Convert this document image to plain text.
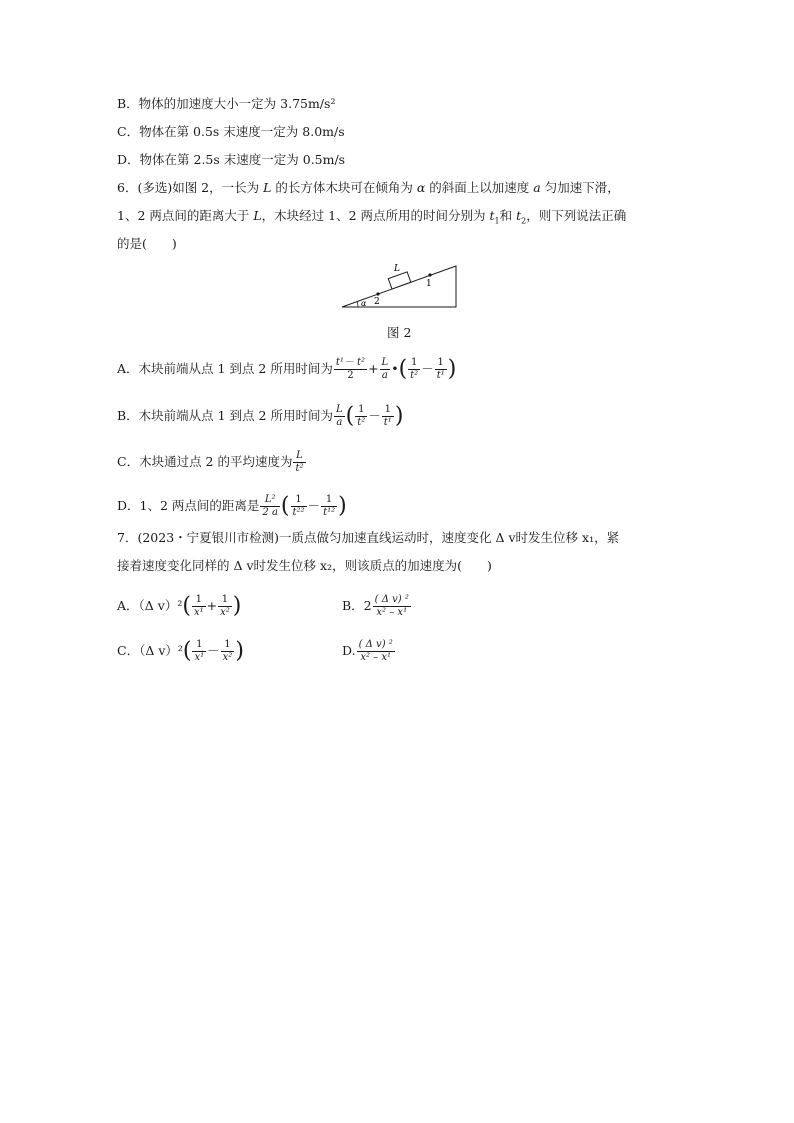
B．物体的加速度大小一定为 3.75m/s²
C．物体在第 0.5s 末速度一定为 8.0m/s
D．物体在第 2.5s 末速度一定为 0.5m/s
6．(多选)如图 2，一长为 L 的长方体木块可在倾角为 α 的斜面上以加速度 a 匀加速下滑，
1、2 两点间的距离大于 L，木块经过 1、2 两点所用的时间分别为 $t_1$和 $t_2$，则下列说法正确
的是(　　)
L
1
2
α
图 2
A．木块前端从点 1 到点 2 所用时间为 $\frac{\text{t¹－ t²}}{2} + \frac{L}{a}$ •( $\frac{1}{\text{t²}} - \frac{1}{\text{t¹}}$ )
B．木块前端从点 1 到点 2 所用时间为 $\frac{L}{a}$ ( $\frac{1}{\text{t²}} - \frac{1}{\text{t¹}}$ )
C．木块通过点 2 的平均速度为 $\frac{L}{\text{t²}}$
D．1、2 两点间的距离是 $\frac{\text{L²}}{2 a}$ ( $\frac{1}{\text{t²²}} - \frac{1}{\text{t¹²}}$ )
7．(2023・宁夏银川市检测)一质点做匀加速直线运动时，速度变化 Δ v时发生位移 x₁，紧
接着速度变化同样的 Δ v时发生位移 x₂，则该质点的加速度为(　　)
A．（Δ $v)^2( \frac{1}{\text{x¹}} + \frac{1}{\text{x²}}$ )	B．$2 \frac{\text{( Δ v) ²}}{\text{x² – x¹}}$
C．（Δ $v)^2( \frac{1}{\text{x¹}} - \frac{1}{\text{x²}}$ )	D. $\frac{\text{( Δ v) ²}}{\text{x² – x¹}}$
